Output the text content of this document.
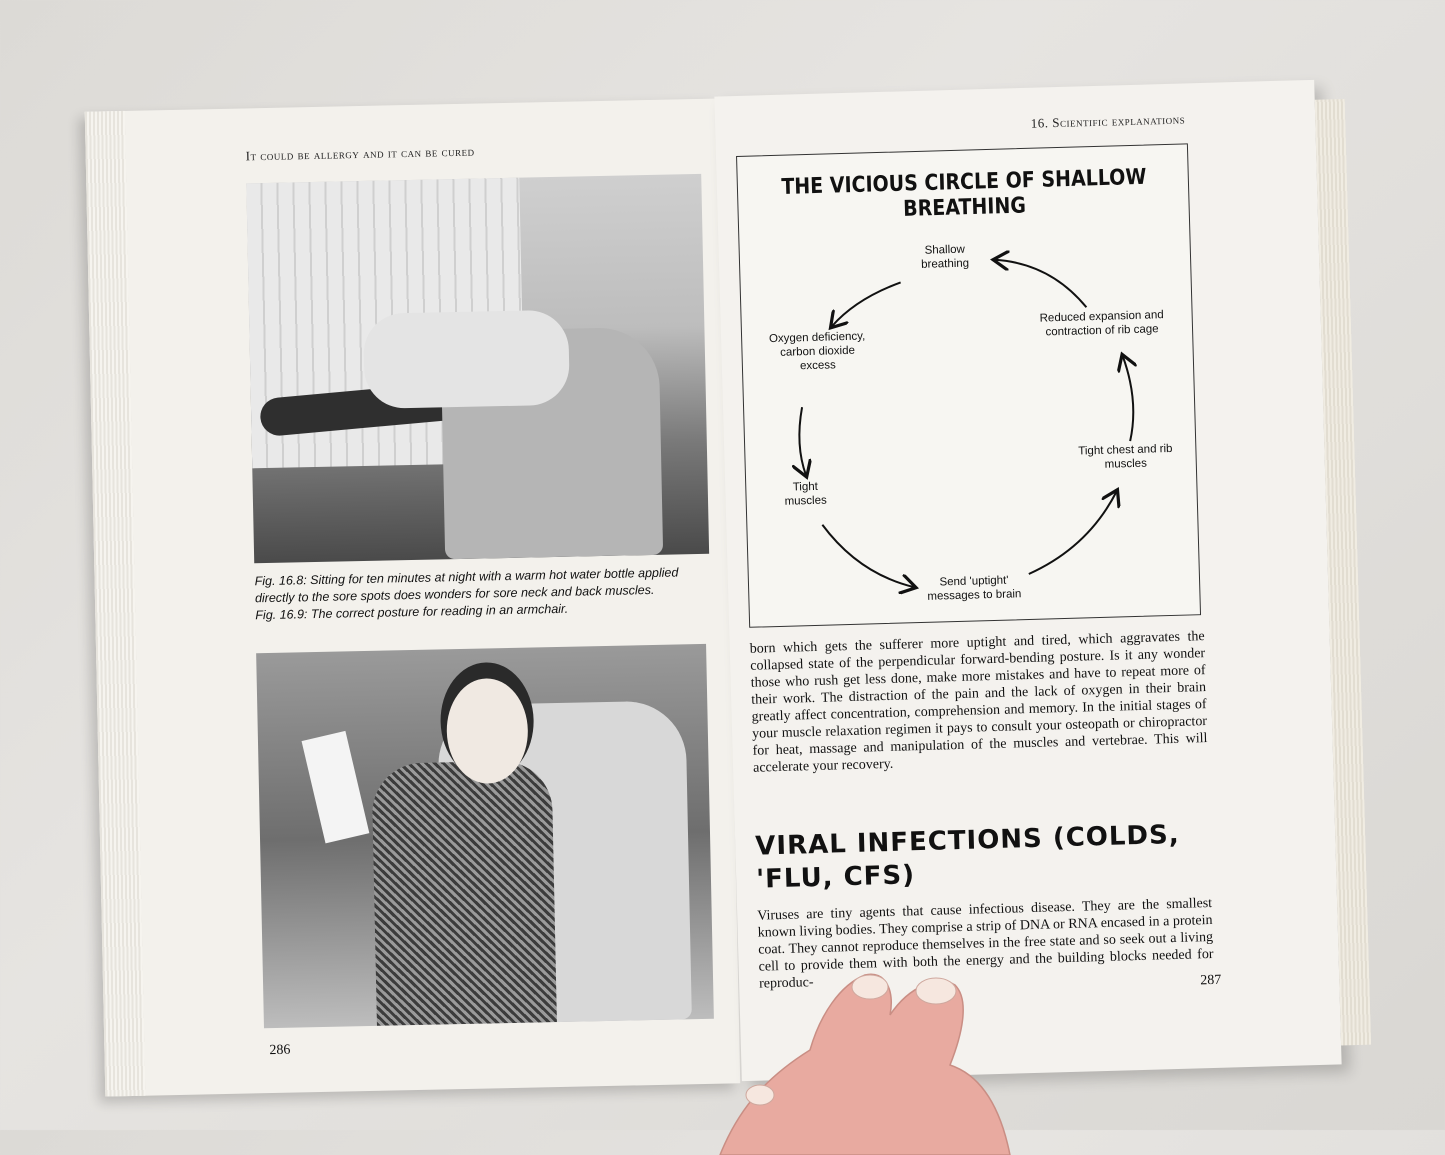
It could be allergy and it can be cured
Fig. 16.8: Sitting for ten minutes at night with a warm hot water bottle applied directly to the sore spots does wonders for sore neck and back muscles.
Fig. 16.9: The correct posture for reading in an armchair.
286
16. Scientific explanations
THE VICIOUS CIRCLE OF SHALLOW BREATHING
Shallow breathing
Reduced expansion and contraction of rib cage
Oxygen deficiency, carbon dioxide excess
Tight chest and rib muscles
Tight muscles
Send 'uptight' messages to brain
born which gets the sufferer more uptight and tired, which aggravates the collapsed state of the perpendicular forward-bending posture. Is it any wonder those who rush get less done, make more mistakes and have to repeat more of their work. The distraction of the pain and the lack of oxygen in their brain greatly affect concentration, comprehension and memory. In the initial stages of your muscle relaxation regimen it pays to consult your osteopath or chiropractor for heat, massage and manipulation of the muscles and vertebrae. This will accelerate your recovery.
VIRAL INFECTIONS (COLDS, 'FLU, CFS)
Viruses are tiny agents that cause infectious disease. They are the smallest known living bodies. They comprise a strip of DNA or RNA encased in a protein coat. They cannot reproduce themselves in the free state and so seek out a living cell to provide them with both the energy and the building blocks needed for reproduc-	287
